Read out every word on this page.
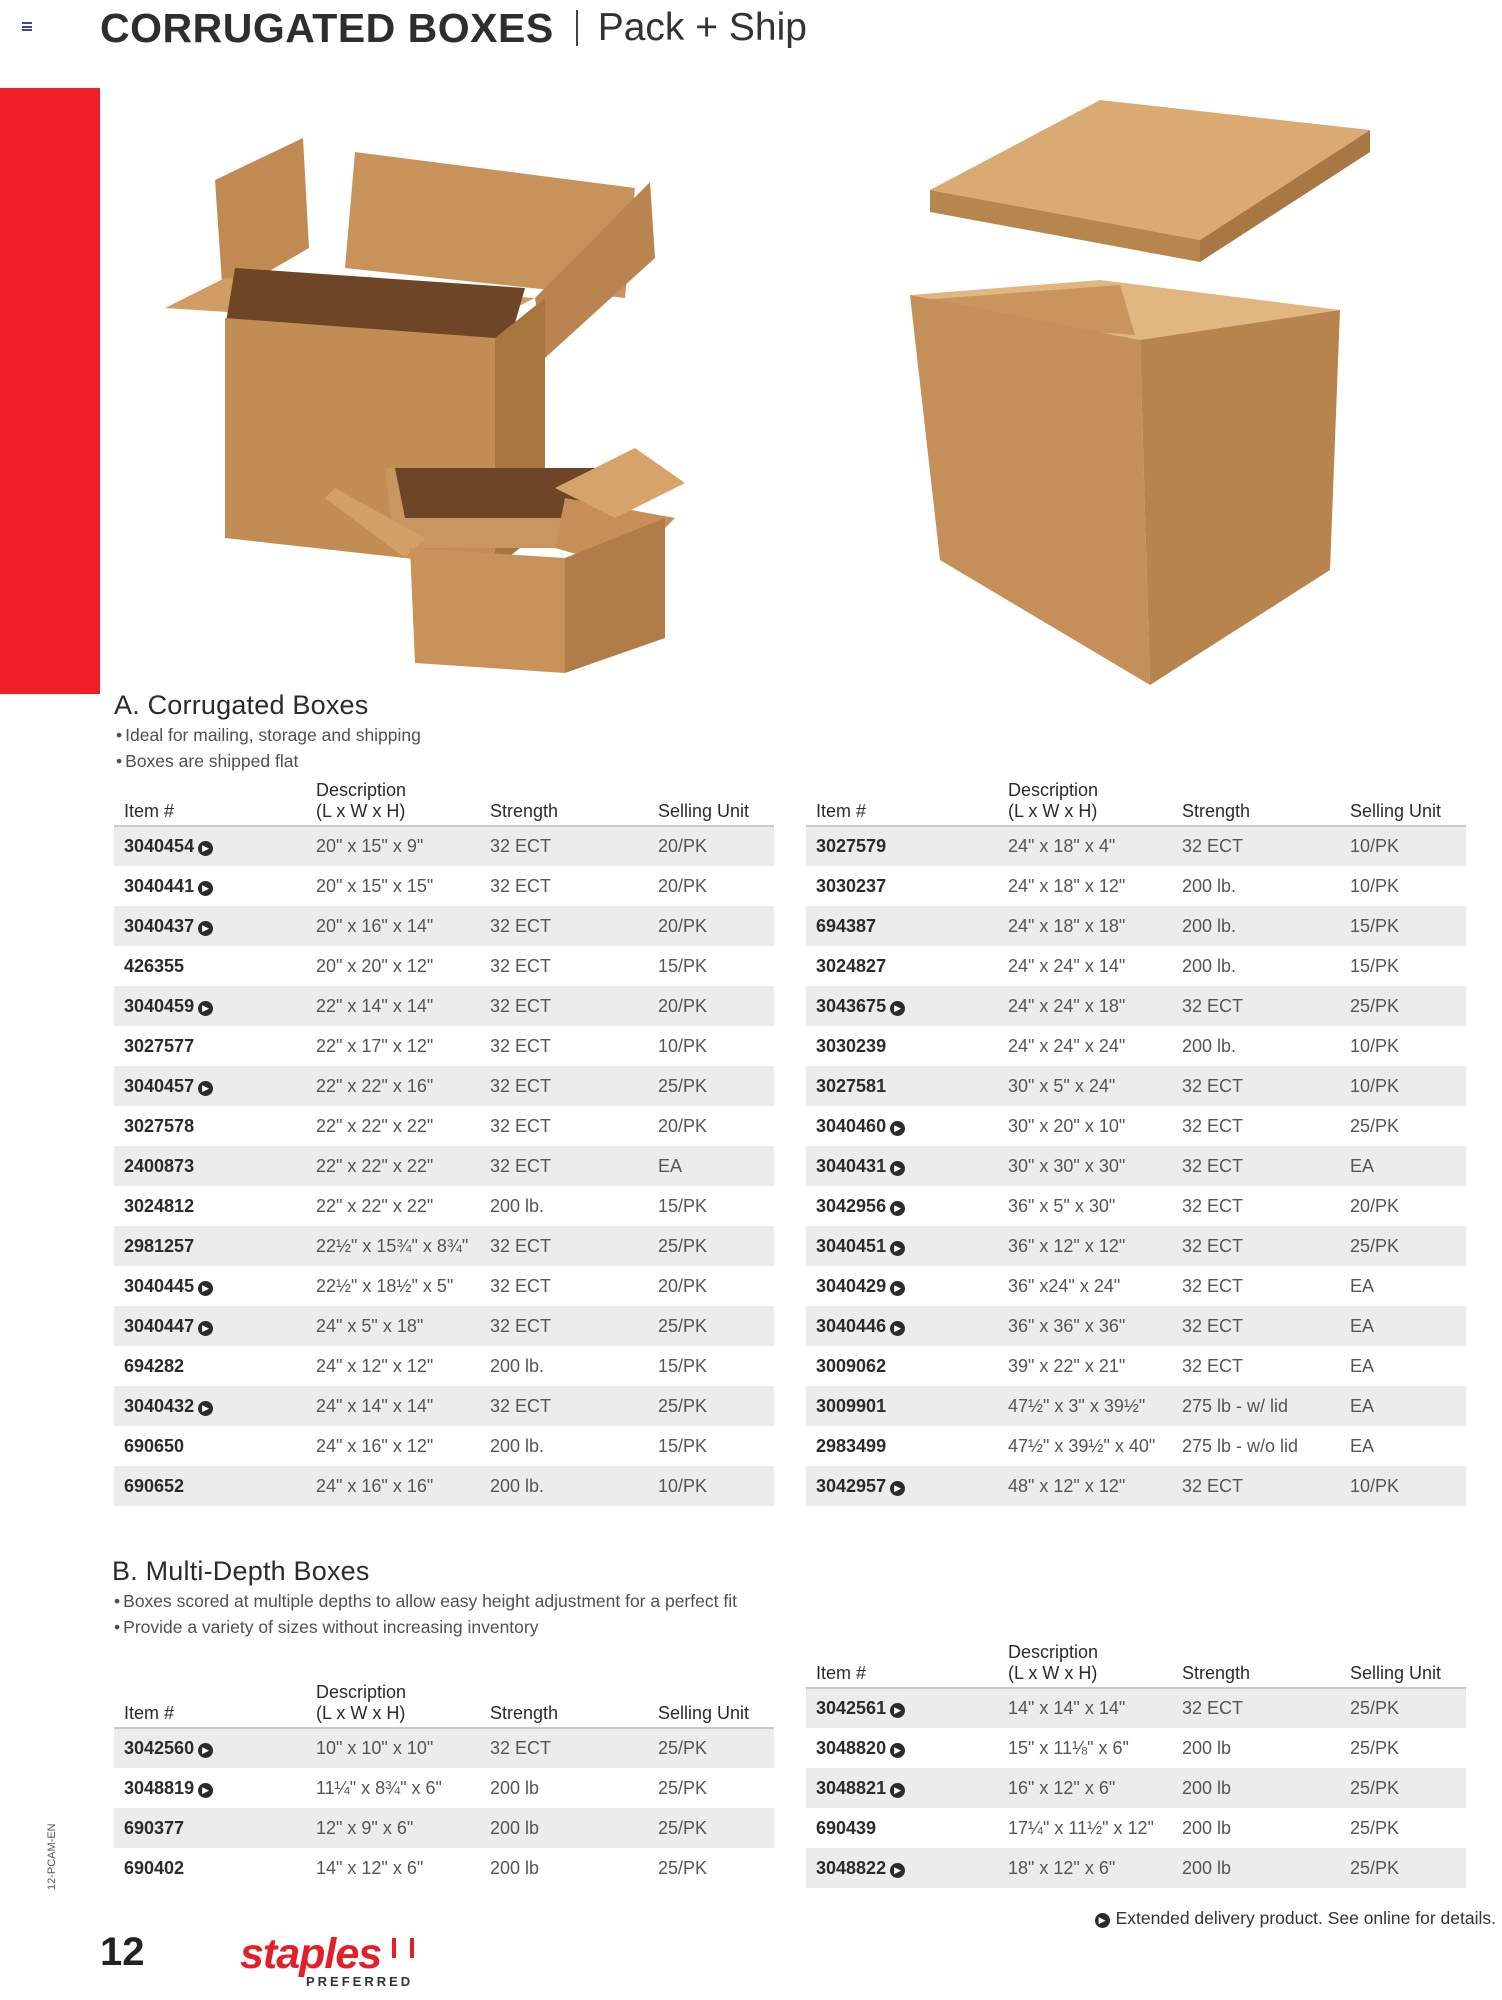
CORRUGATED BOXES Pack + Ship
A. Corrugated Boxes
• Ideal for mailing, storage and shipping
• Boxes are shipped flat
Item #	Description
(L x W x H)	Strength	Selling Unit
3040454 ▶	20" x 15" x 9"	32 ECT	20/PK
3040441 ▶	20" x 15" x 15"	32 ECT	20/PK
3040437 ▶	20" x 16" x 14"	32 ECT	20/PK
426355	20" x 20" x 12"	32 ECT	15/PK
3040459 ▶	22" x 14" x 14"	32 ECT	20/PK
3027577	22" x 17" x 12"	32 ECT	10/PK
3040457 ▶	22" x 22" x 16"	32 ECT	25/PK
3027578	22" x 22" x 22"	32 ECT	20/PK
2400873	22" x 22" x 22"	32 ECT	EA
3024812	22" x 22" x 22"	200 lb.	15/PK
2981257	22½" x 15¾" x 8¾"	32 ECT	25/PK
3040445 ▶	22½" x 18½" x 5"	32 ECT	20/PK
3040447 ▶	24" x 5" x 18"	32 ECT	25/PK
694282	24" x 12" x 12"	200 lb.	15/PK
3040432 ▶	24" x 14" x 14"	32 ECT	25/PK
690650	24" x 16" x 12"	200 lb.	15/PK
690652	24" x 16" x 16"	200 lb.	10/PK
Item #	Description
(L x W x H)	Strength	Selling Unit
3027579	24" x 18" x 4"	32 ECT	10/PK
3030237	24" x 18" x 12"	200 lb.	10/PK
694387	24" x 18" x 18"	200 lb.	15/PK
3024827	24" x 24" x 14"	200 lb.	15/PK
3043675 ▶	24" x 24" x 18"	32 ECT	25/PK
3030239	24" x 24" x 24"	200 lb.	10/PK
3027581	30" x 5" x 24"	32 ECT	10/PK
3040460 ▶	30" x 20" x 10"	32 ECT	25/PK
3040431 ▶	30" x 30" x 30"	32 ECT	EA
3042956 ▶	36" x 5" x 30"	32 ECT	20/PK
3040451 ▶	36" x 12" x 12"	32 ECT	25/PK
3040429 ▶	36" x24" x 24"	32 ECT	EA
3040446 ▶	36" x 36" x 36"	32 ECT	EA
3009062	39" x 22" x 21"	32 ECT	EA
3009901	47½" x 3" x 39½"	275 lb - w/ lid	EA
2983499	47½" x 39½" x 40"	275 lb - w/o lid	EA
3042957 ▶	48" x 12" x 12"	32 ECT	10/PK
B. Multi-Depth Boxes
• Boxes scored at multiple depths to allow easy height adjustment for a perfect fit
• Provide a variety of sizes without increasing inventory
Item #	Description
(L x W x H)	Strength	Selling Unit
3042560 ▶	10" x 10" x 10"	32 ECT	25/PK
3048819 ▶	11¼" x 8¾" x 6"	200 lb	25/PK
690377	12" x 9" x 6"	200 lb	25/PK
690402	14" x 12" x 6"	200 lb	25/PK
Item #	Description
(L x W x H)	Strength	Selling Unit
3042561 ▶	14" x 14" x 14"	32 ECT	25/PK
3048820 ▶	15" x 11⅛" x 6"	200 lb	25/PK
3048821 ▶	16" x 12" x 6"	200 lb	25/PK
690439	17¼" x 11½" x 12"	200 lb	25/PK
3048822 ▶	18" x 12" x 6"	200 lb	25/PK
▶ Extended delivery product. See online for details.
12-PCAM-EN
12 staples
PREFERRED
